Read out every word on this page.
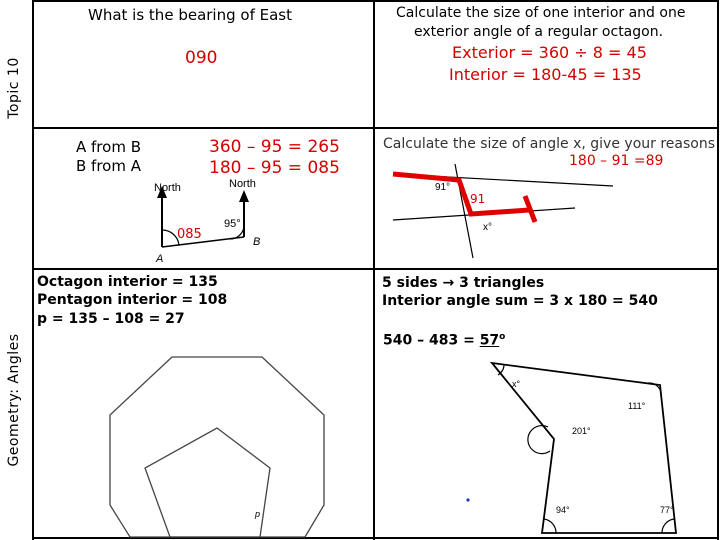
Topic 10
Geometry: Angles
What is the bearing of East
090
Calculate the size of one interior and one
exterior angle of a regular octagon.
Exterior = 360 ÷ 8 = 45
Interior = 180-45 = 135
A from B
B from A
360 – 95 = 265
180 – 95 = 085
North	North
95°
A
B
085
Calculate the size of angle x, give your reasons
180 – 91 =89
91°
91
x°
Octagon interior = 135
Pentagon interior = 108
p = 135 – 108 = 27
p
5 sides → 3 triangles
Interior angle sum = 3 x 180 = 540
$540 - 483 = 57^o$
x°
111°
201°
94°	77°
